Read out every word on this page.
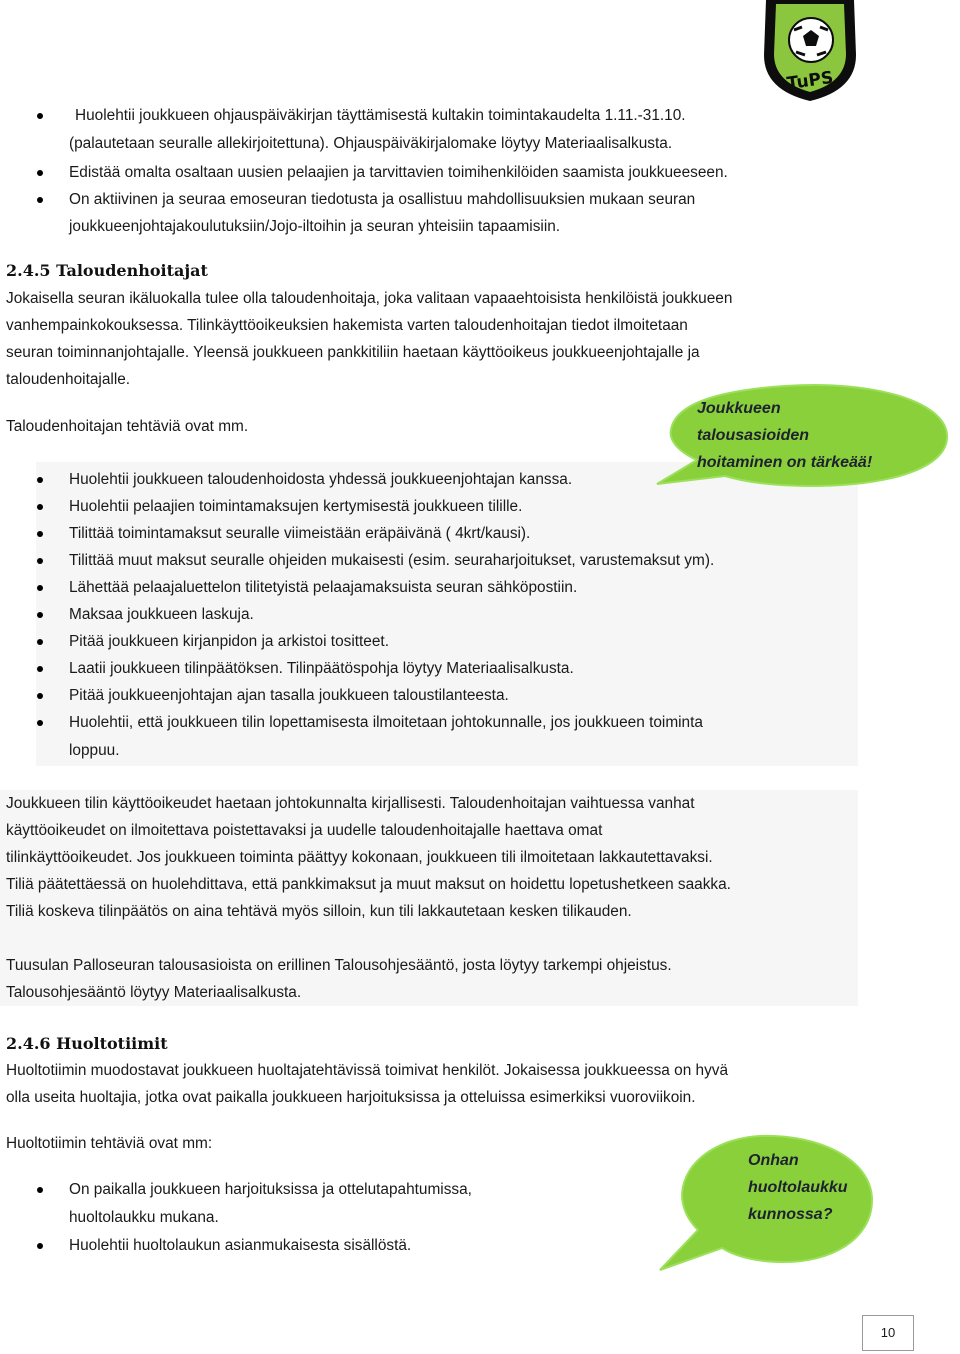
TuPS
Huolehtii joukkueen ohjauspäiväkirjan täyttämisestä kultakin toimintakaudelta 1.11.-31.10.
(palautetaan seuralle allekirjoitettuna). Ohjauspäiväkirjalomake löytyy Materiaalisalkusta.
Edistää omalta osaltaan uusien pelaajien ja tarvittavien toimihenkilöiden saamista joukkueeseen.
On aktiivinen ja seuraa emoseuran tiedotusta ja osallistuu mahdollisuuksien mukaan seuran
joukkueenjohtajakoulutuksiin/Jojo-iltoihin ja seuran yhteisiin tapaamisiin.
2.4.5 Taloudenhoitajat
Jokaisella seuran ikäluokalla tulee olla taloudenhoitaja, joka valitaan vapaaehtoisista henkilöistä joukkueen
vanhempainkokouksessa. Tilinkäyttöoikeuksien hakemista varten taloudenhoitajan tiedot ilmoitetaan
seuran toiminnanjohtajalle. Yleensä joukkueen pankkitiliin haetaan käyttöoikeus joukkueenjohtajalle ja
taloudenhoitajalle.
Taloudenhoitajan tehtäviä ovat mm.
Huolehtii joukkueen taloudenhoidosta yhdessä joukkueenjohtajan kanssa.
Huolehtii pelaajien toimintamaksujen kertymisestä joukkueen tilille.
Tilittää toimintamaksut seuralle viimeistään eräpäivänä ( 4krt/kausi).
Tilittää muut maksut seuralle ohjeiden mukaisesti (esim. seuraharjoitukset, varustemaksut ym).
Lähettää pelaajaluettelon tilitetyistä pelaajamaksuista seuran sähköpostiin.
Maksaa joukkueen laskuja.
Pitää joukkueen kirjanpidon ja arkistoi tositteet.
Laatii joukkueen tilinpäätöksen. Tilinpäätöspohja löytyy Materiaalisalkusta.
Pitää joukkueenjohtajan ajan tasalla joukkueen taloustilanteesta.
Huolehtii, että joukkueen tilin lopettamisesta ilmoitetaan johtokunnalle, jos joukkueen toiminta
loppuu.
Joukkueen
talousasioiden
hoitaminen on tärkeää!
Joukkueen tilin käyttöoikeudet haetaan johtokunnalta kirjallisesti. Taloudenhoitajan vaihtuessa vanhat
käyttöoikeudet on ilmoitettava poistettavaksi ja uudelle taloudenhoitajalle haettava omat
tilinkäyttöoikeudet. Jos joukkueen toiminta päättyy kokonaan, joukkueen tili ilmoitetaan lakkautettavaksi.
Tiliä päätettäessä on huolehdittava, että pankkimaksut ja muut maksut on hoidettu lopetushetkeen saakka.
Tiliä koskeva tilinpäätös on aina tehtävä myös silloin, kun tili lakkautetaan kesken tilikauden.
Tuusulan Palloseuran talousasioista on erillinen Talousohjesääntö, josta löytyy tarkempi ohjeistus.
Talousohjesääntö löytyy Materiaalisalkusta.
2.4.6 Huoltotiimit
Huoltotiimin muodostavat joukkueen huoltajatehtävissä toimivat henkilöt. Jokaisessa joukkueessa on hyvä
olla useita huoltajia, jotka ovat paikalla joukkueen harjoituksissa ja otteluissa esimerkiksi vuoroviikoin.
Huoltotiimin tehtäviä ovat mm:
On paikalla joukkueen harjoituksissa ja ottelutapahtumissa,
huoltolaukku mukana.
Huolehtii huoltolaukun asianmukaisesta sisällöstä.
Onhan
huoltolaukku
kunnossa?
10
